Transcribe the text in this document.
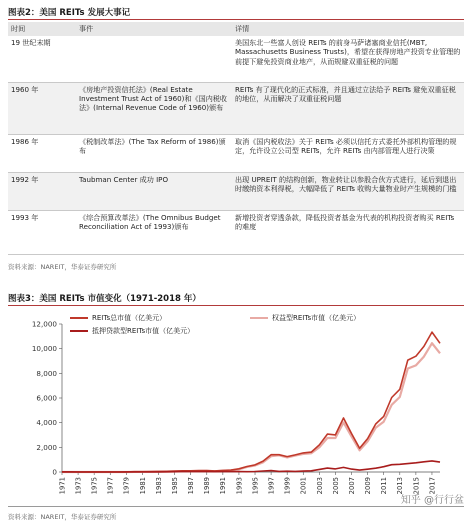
图表2：美国 REITs 发展大事记
时间	事件	详情
19 世纪末期		美国东北一些富人创设 REITs 的前身马萨诸塞商业信托(MBT, Massachusetts Business Trusts)，希望在获得房地产投资专业管理的前提下避免投资商业地产，从而规避双重征税的问题
1960 年	《房地产投资信托法》(Real Estate Investment Trust Act of 1960)和《国内税收法》(Internal Revenue Code of 1960)颁布	REITs 有了现代化的正式标准，并且通过立法给予 REITs 避免双重征税的地位，从而解决了双重征税问题
1986 年	《税制改革法》(The Tax Reform of 1986)颁布	取消《国内税收法》关于 REITs 必须以信托方式委托外部机构管理的规定，允许设立公司型 REITs，允许 REITs 由内部管理人进行决策
1992 年	Taubman Center 成功 IPO	出现 UPREIT 的结构创新，物业转让以参股合伙方式进行，延后到退出时缴纳资本利得税，大幅降低了 REITs 收购大量物业时产生规模的门槛
1993 年	《综合预算改革法》(The Omnibus Budget Reconciliation Act of 1993)颁布	新增投资者穿透条款，降低投资者基金为代表的机构投资者购买 REITs 的难度
资料来源：NAREIT，华泰证券研究所
图表3：美国 REITs 市值变化（1971-2018 年）
REITs总市值（亿美元）	权益型REITs市值（亿美元）
抵押贷款型REITs市值（亿美元）
0
2,000
4,000
6,000
8,000
10,000
12,000
1971 1973 1975 1977 1979 1981 1983 1985 1987 1989 1991 1993 1995 1997 1999 2001 2003 2005 2007 2009 2011 2013 2015 2017
资料来源：NAREIT，华泰证券研究所
知乎 @行行盆
